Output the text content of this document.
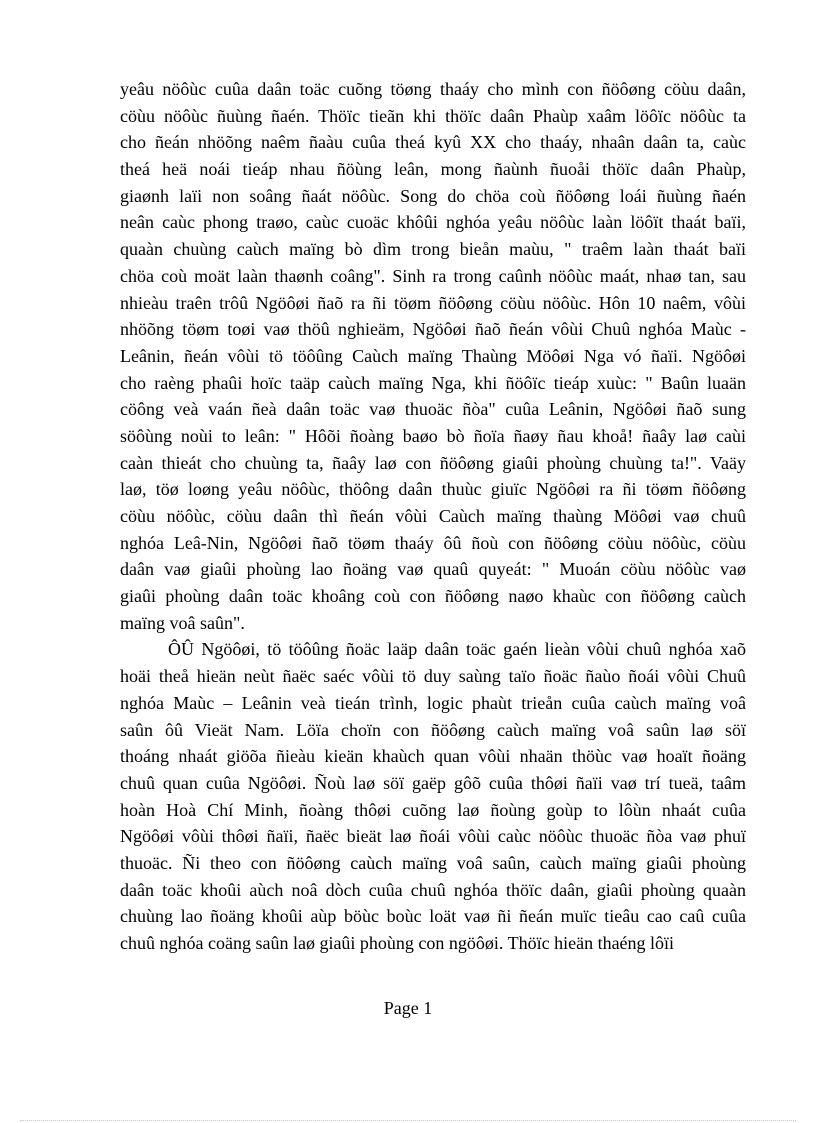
yeâu nöôùc cuûa daân toäc cuõng töøng thaáy cho mình con ñöôøng cöùu daân,
cöùu nöôùc ñuùng ñaén. Thöïc tieãn khi thöïc daân Phaùp xaâm löôïc nöôùc ta
cho ñeán nhöõng naêm ñaàu cuûa theá kyû XX cho thaáy, nhaân daân ta, caùc
theá heä noái tieáp nhau ñöùng leân, mong ñaùnh ñuoåi thöïc daân Phaùp,
giaønh laïi non soâng ñaát nöôùc. Song do chöa coù ñöôøng loái ñuùng ñaén
neân caùc phong traøo, caùc cuoäc khôûi nghóa yeâu nöôùc laàn löôït thaát baïi,
quaàn chuùng caùch maïng bò dìm trong bieån maùu, " traêm laàn thaát baïi
chöa coù moät laàn thaønh coâng". Sinh ra trong caûnh nöôùc maát, nhaø tan, sau
nhieàu traên trôû Ngöôøi ñaõ ra ñi töøm ñöôøng cöùu nöôùc. Hôn 10 naêm, vôùi
nhöõng töøm toøi vaø thöû nghieäm, Ngöôøi ñaõ ñeán vôùi Chuû nghóa Maùc -
Leânin, ñeán vôùi tö töôûng Caùch maïng Thaùng Möôøi Nga vó ñaïi. Ngöôøi
cho raèng phaûi hoïc taäp caùch maïng Nga, khi ñöôïc tieáp xuùc: " Baûn luaän
cöông veà vaán ñeà daân toäc vaø thuoäc ñòa" cuûa Leânin, Ngöôøi ñaõ sung
söôùng noùi to leân: " Hôõi ñoàng baøo bò ñoïa ñaøy ñau khoå! ñaây laø caùi
caàn thieát cho chuùng ta, ñaây laø con ñöôøng giaûi phoùng chuùng ta!". Vaäy
laø, töø loøng yeâu nöôùc, thöông daân thuùc giuïc Ngöôøi ra ñi töøm ñöôøng
cöùu nöôùc, cöùu daân thì ñeán vôùi Caùch maïng thaùng Möôøi vaø chuû
nghóa Leâ-Nin, Ngöôøi ñaõ töøm thaáy ôû ñoù con ñöôøng cöùu nöôùc, cöùu
daân vaø giaûi phoùng lao ñoäng vaø quaû quyeát: " Muoán cöùu nöôùc vaø
giaûi phoùng daân toäc khoâng coù con ñöôøng naøo khaùc con ñöôøng caùch
maïng voâ saûn".
ÔÛ Ngöôøi, tö töôûng ñoäc laäp daân toäc gaén lieàn vôùi chuû nghóa xaõ
hoäi theå hieän neùt ñaëc saéc vôùi tö duy saùng taïo ñoäc ñaùo ñoái vôùi Chuû
nghóa Maùc – Leânin veà tieán trình, logic phaùt trieån cuûa caùch maïng voâ
saûn ôû Vieät Nam. Löïa choïn con ñöôøng caùch maïng voâ saûn laø söï
thoáng nhaát giöõa ñieàu kieän khaùch quan vôùi nhaän thöùc vaø hoaït ñoäng
chuû quan cuûa Ngöôøi. Ñoù laø söï gaëp gôõ cuûa thôøi ñaïi vaø trí tueä, taâm
hoàn Hoà Chí Minh, ñoàng thôøi cuõng laø ñoùng goùp to lôùn nhaát cuûa
Ngöôøi vôùi thôøi ñaïi, ñaëc bieät laø ñoái vôùi caùc nöôùc thuoäc ñòa vaø phuï
thuoäc. Ñi theo con ñöôøng caùch maïng voâ saûn, caùch maïng giaûi phoùng
daân toäc khoûi aùch noâ dòch cuûa chuû nghóa thöïc daân, giaûi phoùng quaàn
chuùng lao ñoäng khoûi aùp böùc boùc loät vaø ñi ñeán muïc tieâu cao caû cuûa
chuû nghóa coäng saûn laø giaûi phoùng con ngöôøi. Thöïc hieän thaéng lôïi
Page 1
